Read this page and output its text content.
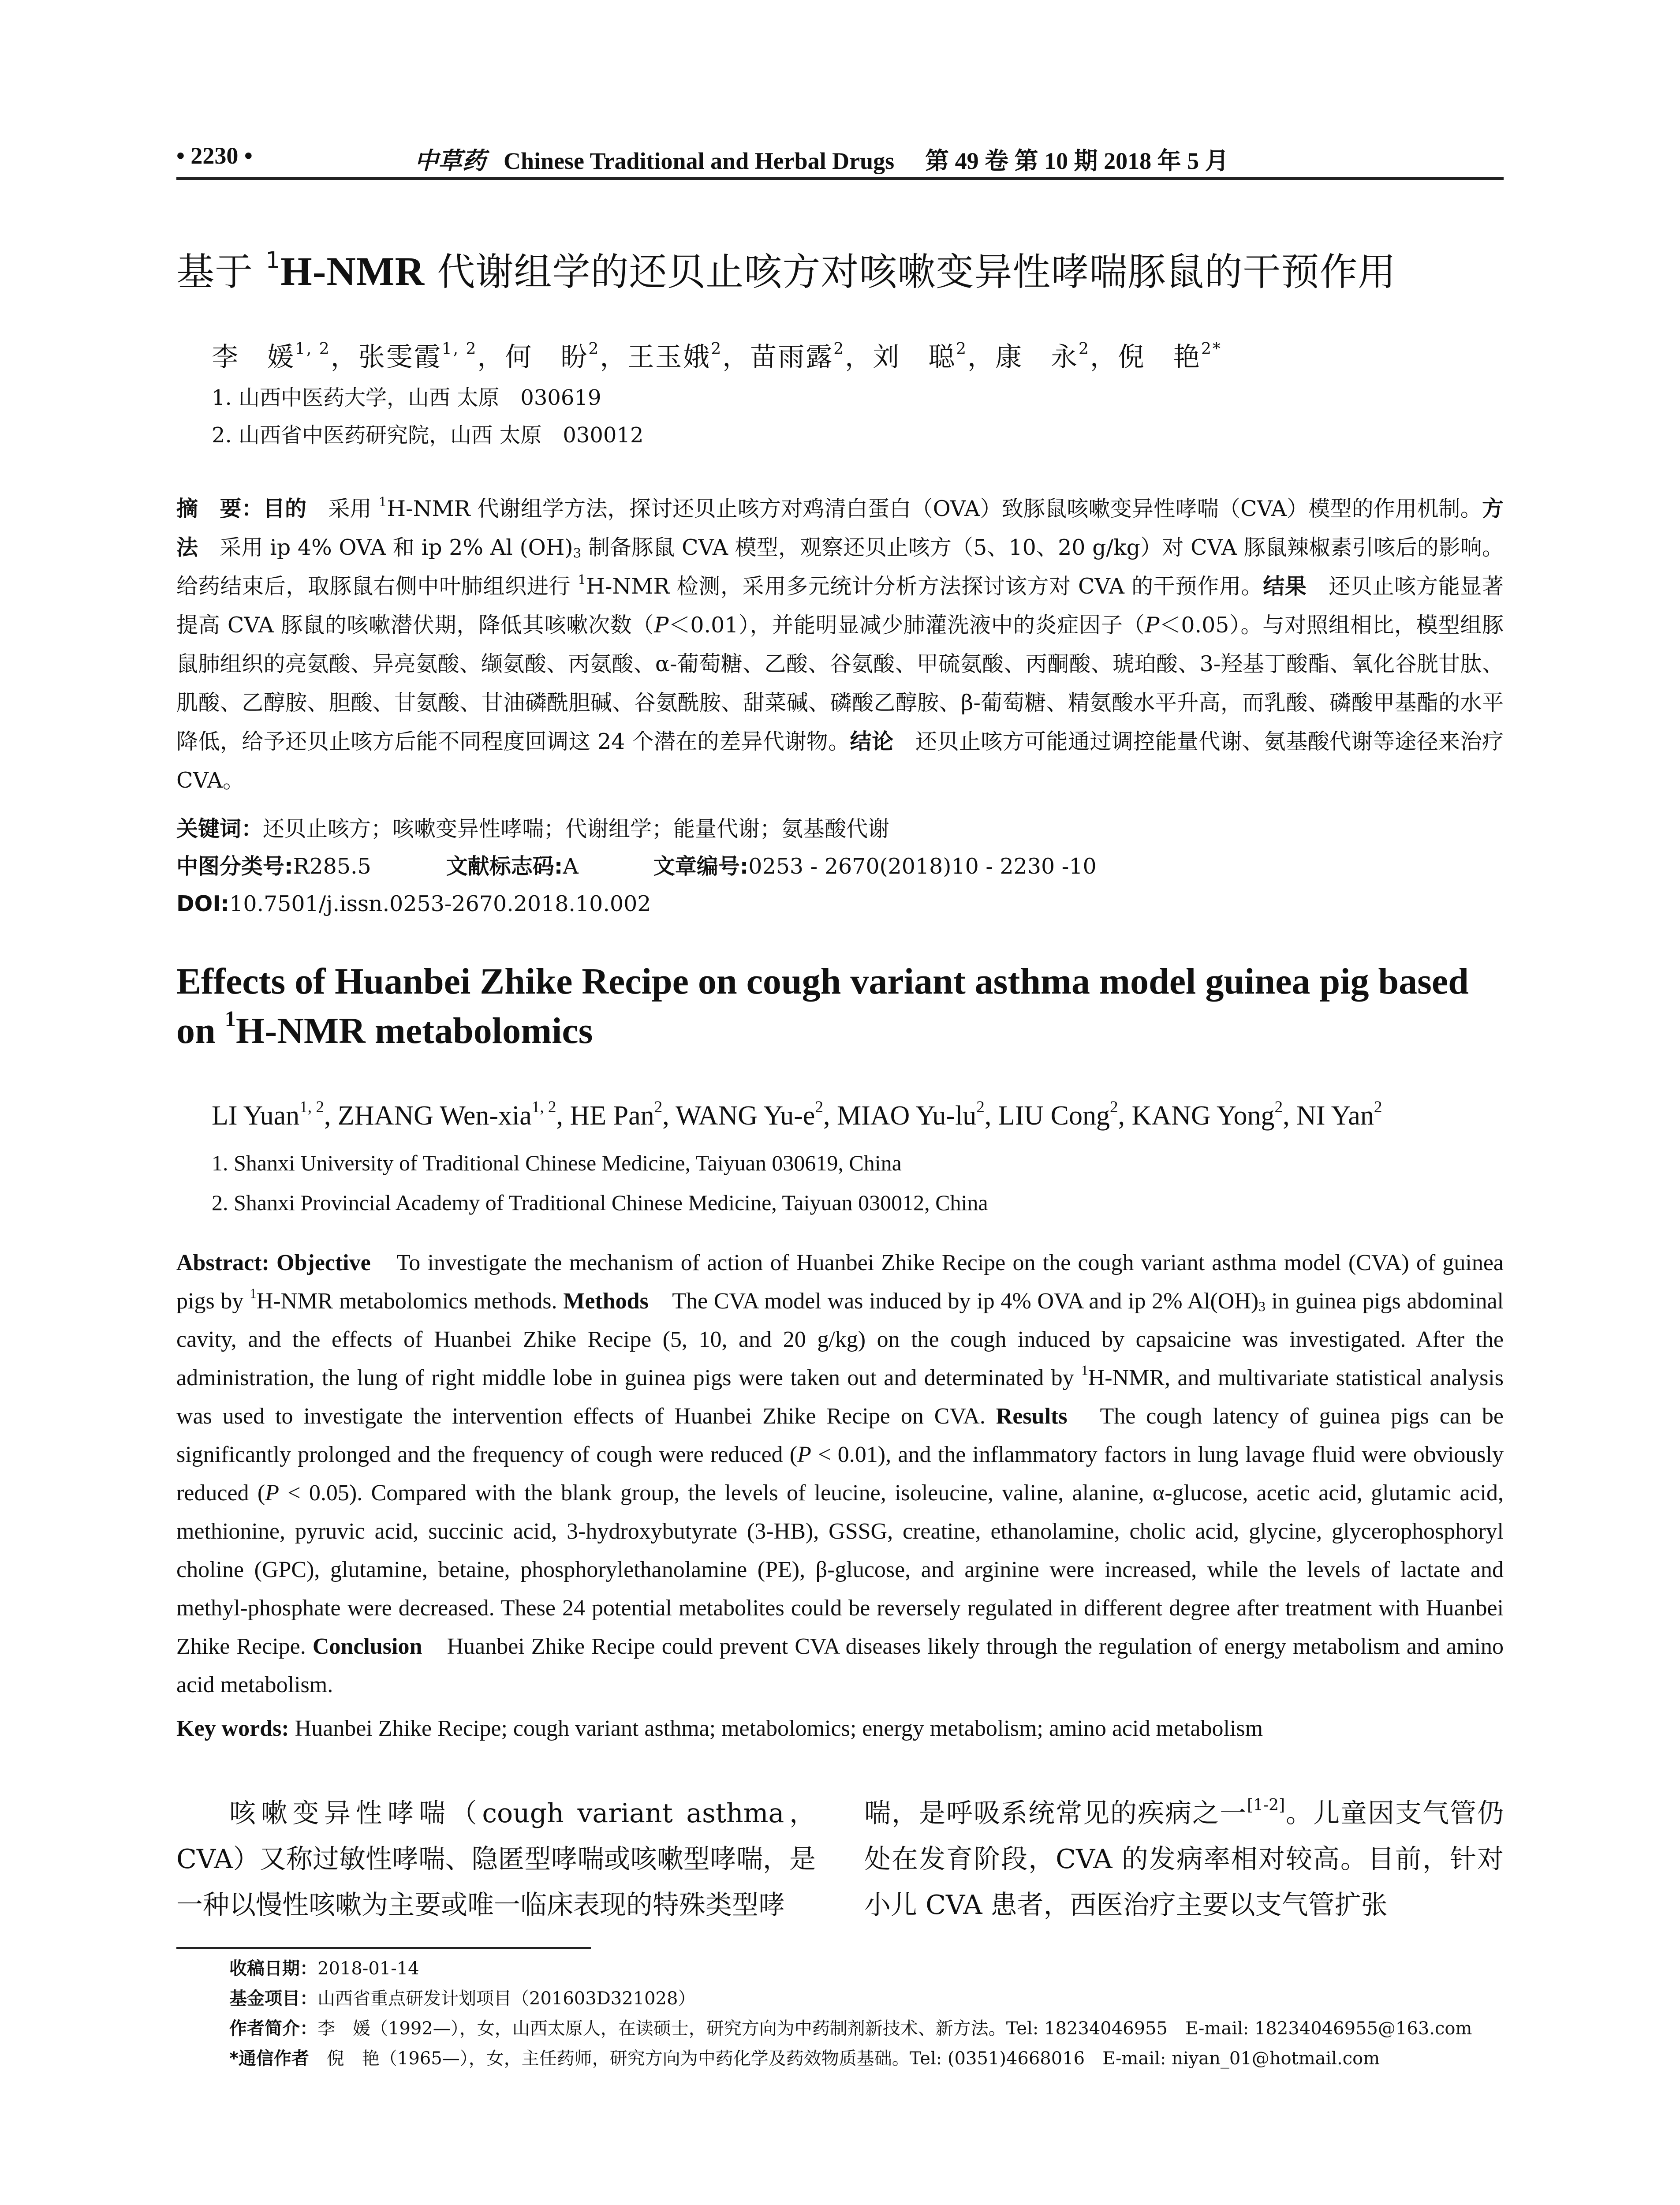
• 2230 •	中草药 Chinese Traditional and Herbal Drugs 第 49 卷 第 10 期 2018 年 5 月
基于 $^1$H-NMR 代谢组学的还贝止咳方对咳嗽变异性哮喘豚鼠的干预作用
李　媛$^{1, 2}$，张雯霞$^{1, 2}$，何　盼$^2$，王玉娥$^2$，苗雨露$^2$，刘　聪$^2$，康　永$^2$，倪　艳$^{2*}$
1. 山西中医药大学，山西 太原　030619
2. 山西省中医药研究院，山西 太原　030012
摘　要：目的　采用 $^1$H-NMR 代谢组学方法，探讨还贝止咳方对鸡清白蛋白（OVA）致豚鼠咳嗽变异性哮喘（CVA）模型的作用机制。方法　采用 ip 4% OVA 和 ip 2% Al $(OH)_3$ 制备豚鼠 CVA 模型，观察还贝止咳方（5、10、20 g/kg）对 CVA 豚鼠辣椒素引咳后的影响。给药结束后，取豚鼠右侧中叶肺组织进行 $^1$H-NMR 检测，采用多元统计分析方法探讨该方对 CVA 的干预作用。结果　还贝止咳方能显著提高 CVA 豚鼠的咳嗽潜伏期，降低其咳嗽次数（P＜0.01），并能明显减少肺灌洗液中的炎症因子（P＜0.05）。与对照组相比，模型组豚鼠肺组织的亮氨酸、异亮氨酸、缬氨酸、丙氨酸、α-葡萄糖、乙酸、谷氨酸、甲硫氨酸、丙酮酸、琥珀酸、3-羟基丁酸酯、氧化谷胱甘肽、肌酸、乙醇胺、胆酸、甘氨酸、甘油磷酰胆碱、谷氨酰胺、甜菜碱、磷酸乙醇胺、β-葡萄糖、精氨酸水平升高，而乳酸、磷酸甲基酯的水平降低，给予还贝止咳方后能不同程度回调这 24 个潜在的差异代谢物。结论　还贝止咳方可能通过调控能量代谢、氨基酸代谢等途径来治疗 CVA。
关键词：还贝止咳方；咳嗽变异性哮喘；代谢组学；能量代谢；氨基酸代谢
中图分类号:R285.5	文献标志码:A	文章编号:0253 - 2670(2018)10 - 2230 -10
DOI:10.7501/j.issn.0253-2670.2018.10.002
Effects of Huanbei Zhike Recipe on cough variant asthma model guinea pig based
on $^1$H-NMR metabolomics
LI Yuan$^{1, 2}$, ZHANG Wen-xia$^{1, 2}$, HE Pan$^2$, WANG $Yu-e^2$, MIAO $Yu-lu^2$, LIU Cong$^2$, KANG Yong$^2$, NI Yan$^2$
1. Shanxi University of Traditional Chinese Medicine, Taiyuan 030619, China
2. Shanxi Provincial Academy of Traditional Chinese Medicine, Taiyuan 030012, China
Abstract: Objective　To investigate the mechanism of action of Huanbei Zhike Recipe on the cough variant asthma model (CVA) of guinea pigs by $^1$H-NMR metabolomics methods. Methods　The CVA model was induced by ip 4% OVA and ip 2% $Al(OH)_3$ in guinea pigs abdominal cavity, and the effects of Huanbei Zhike Recipe (5, 10, and 20 g/kg) on the cough induced by capsaicine was investigated. After the administration, the lung of right middle lobe in guinea pigs were taken out and determinated by $^1$H-NMR, and multivariate statistical analysis was used to investigate the intervention effects of Huanbei Zhike Recipe on CVA. Results　The cough latency of guinea pigs can be significantly prolonged and the frequency of cough were reduced (P < 0.01), and the inflammatory factors in lung lavage fluid were obviously reduced (P < 0.05). Compared with the blank group, the levels of leucine, isoleucine, valine, alanine, α-glucose, acetic acid, glutamic acid, methionine, pyruvic acid, succinic acid, 3-hydroxybutyrate (3-HB), GSSG, creatine, ethanolamine, cholic acid, glycine, glycerophosphoryl choline (GPC), glutamine, betaine, phosphorylethanolamine (PE), β-glucose, and arginine were increased, while the levels of lactate and methyl-phosphate were decreased. These 24 potential metabolites could be reversely regulated in different degree after treatment with Huanbei Zhike Recipe. Conclusion　Huanbei Zhike Recipe could prevent CVA diseases likely through the regulation of energy metabolism and amino acid metabolism.
Key words: Huanbei Zhike Recipe; cough variant asthma; metabolomics; energy metabolism; amino acid metabolism

咳嗽变异性哮喘（cough variant asthma，CVA）又称过敏性哮喘、隐匿型哮喘或咳嗽型哮喘，是一种以慢性咳嗽为主要或唯一临床表现的特殊类型哮

喘，是呼吸系统常见的疾病之一[1-2]。儿童因支气管仍处在发育阶段，CVA 的发病率相对较高。目前，针对小儿 CVA 患者，西医治疗主要以支气管扩张

收稿日期：2018-01-14
基金项目：山西省重点研发计划项目（201603D321028）
作者简介：李　媛（1992—），女，山西太原人，在读硕士，研究方向为中药制剂新技术、新方法。Tel: 18234046955　E-mail: 18234046955@163.com
*通信作者　倪　艳（1965—），女，主任药师，研究方向为中药化学及药效物质基础。Tel: (0351)4668016　E-mail: niyan_01@hotmail.com
